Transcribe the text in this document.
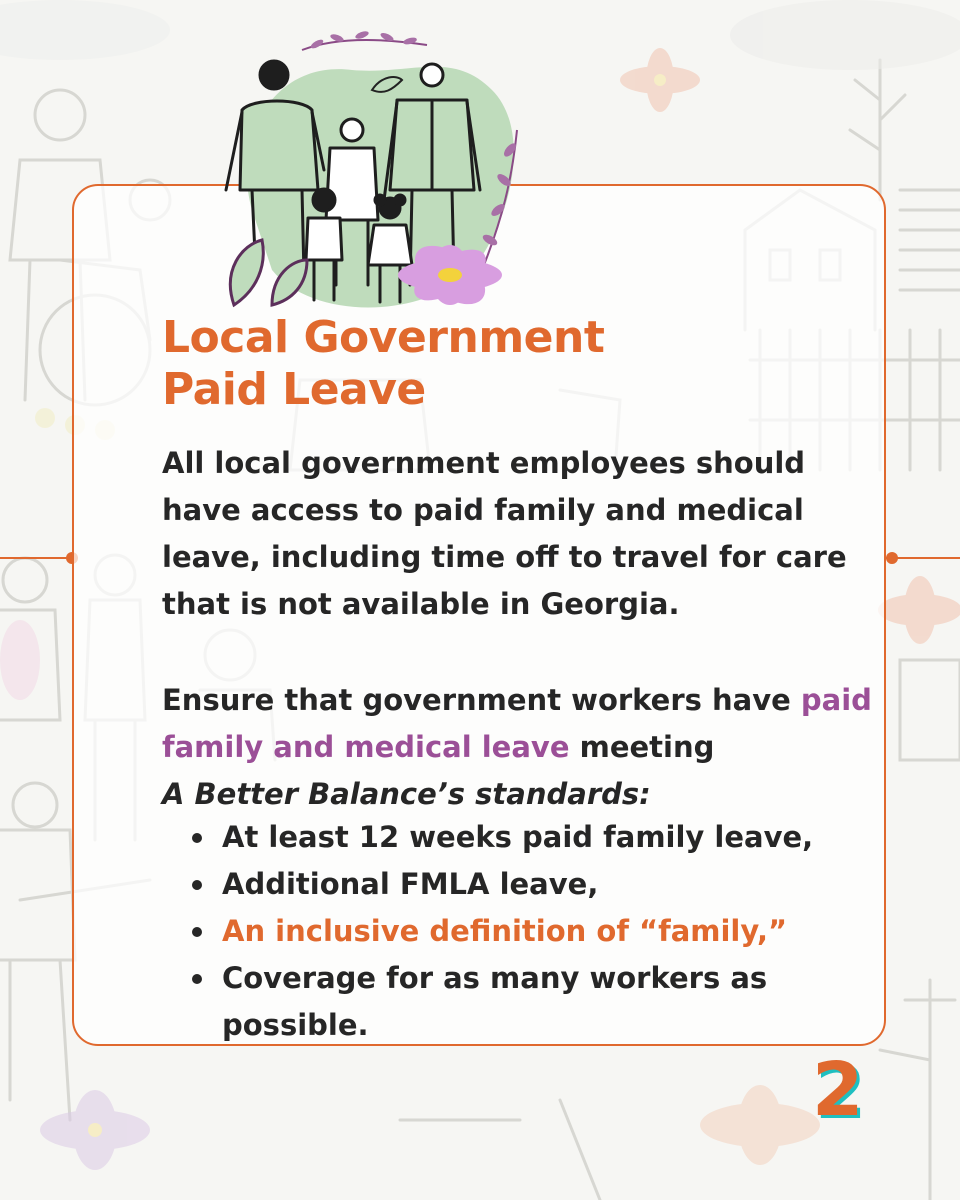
Local Government
Paid Leave

All local government employees should have access to paid family and medical leave, including time off to travel for care that is not available in Georgia.

Ensure that government workers have paid family and medical leave meeting
A Better Balance’s standards:

At least 12 weeks paid family leave,
Additional FMLA leave,
An inclusive definition of “family,”
Coverage for as many workers as possible.
2
